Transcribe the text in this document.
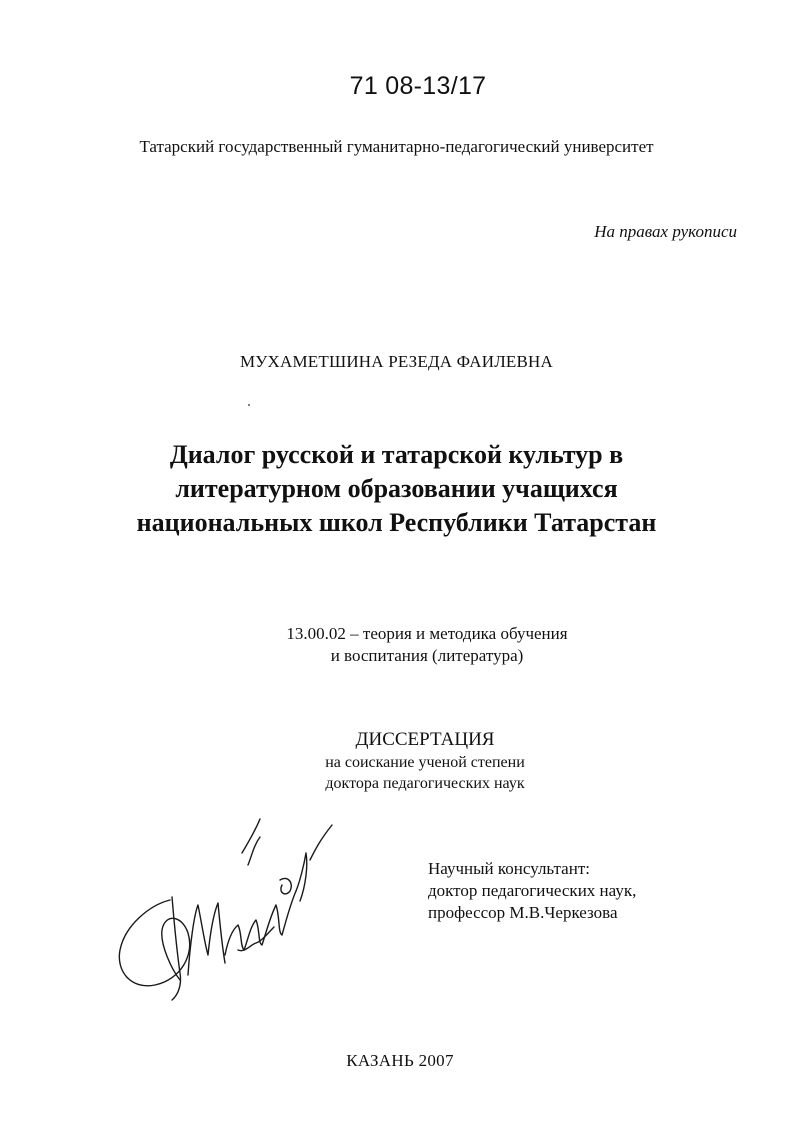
71 08-13/17
Татарский государственный гуманитарно-педагогический университет
На правах рукописи
МУХАМЕТШИНА РЕЗЕДА ФАИЛЕВНА
Диалог русской и татарской культур в
литературном образовании учащихся
национальных школ Республики Татарстан
13.00.02 – теория и методика обучения
и воспитания (литература)
ДИССЕРТАЦИЯ
на соискание ученой степени
доктора педагогических наук
Научный консультант:
доктор педагогических наук,
профессор М.В.Черкезова
КАЗАНЬ 2007
